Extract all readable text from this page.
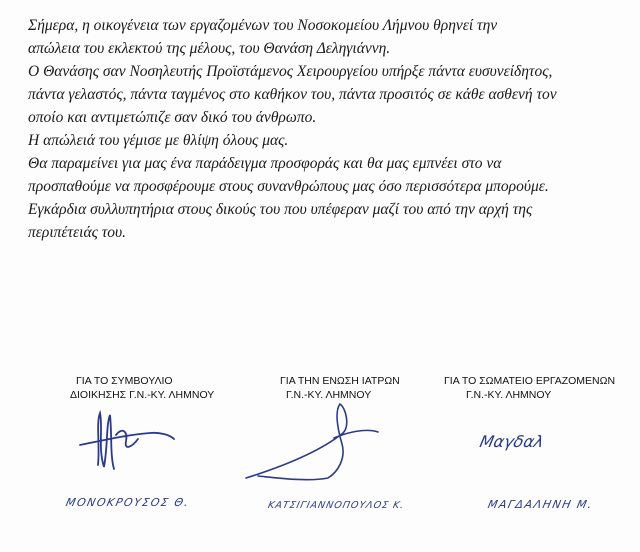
Σήμερα, η οικογένεια των εργαζομένων του Νοσοκομείου Λήμνου θρηνεί την
απώλεια του εκλεκτού της μέλους, του Θανάση Δεληγιάννη.
Ο Θανάσης σαν Νοσηλευτής Προϊστάμενος Χειρουργείου υπήρξε πάντα ευσυνείδητος,
πάντα γελαστός, πάντα ταγμένος στο καθήκον του, πάντα προσιτός σε κάθε ασθενή τον
οποίο και αντιμετώπιζε σαν δικό του άνθρωπο.
Η απώλειά του γέμισε με θλίψη όλους μας.
Θα παραμείνει για μας ένα παράδειγμα προσφοράς και θα μας εμπνέει στο να
προσπαθούμε να προσφέρουμε στους συνανθρώπους μας όσο περισσότερα μπορούμε.
Εγκάρδια συλλυπητήρια στους δικούς του που υπέφεραν μαζί του από την αρχή της
περιπέτειάς του.
ΓΙΑ ΤΟ ΣΥΜΒΟΥΛΙΟ
ΔΙΟΙΚΗΣΗΣ Γ.Ν.-ΚΥ. ΛΗΜΝΟΥ
ΜΟΝΟΚΡΟΥΣΟΣ Θ.
ΓΙΑ ΤΗΝ ΕΝΩΣΗ ΙΑΤΡΩΝ
Γ.Ν.-ΚΥ. ΛΗΜΝΟΥ
ΚΑΤΣΙΓΙΑΝΝΟΠΟΥΛΟΣ Κ.
ΓΙΑ ΤΟ ΣΩΜΑΤΕΙΟ ΕΡΓΑΖΟΜΕΝΩΝ
Γ.Ν.-ΚΥ. ΛΗΜΝΟΥ
Μαγδαλ
ΜΑΓΔΑΛΗΝΗ Μ.
